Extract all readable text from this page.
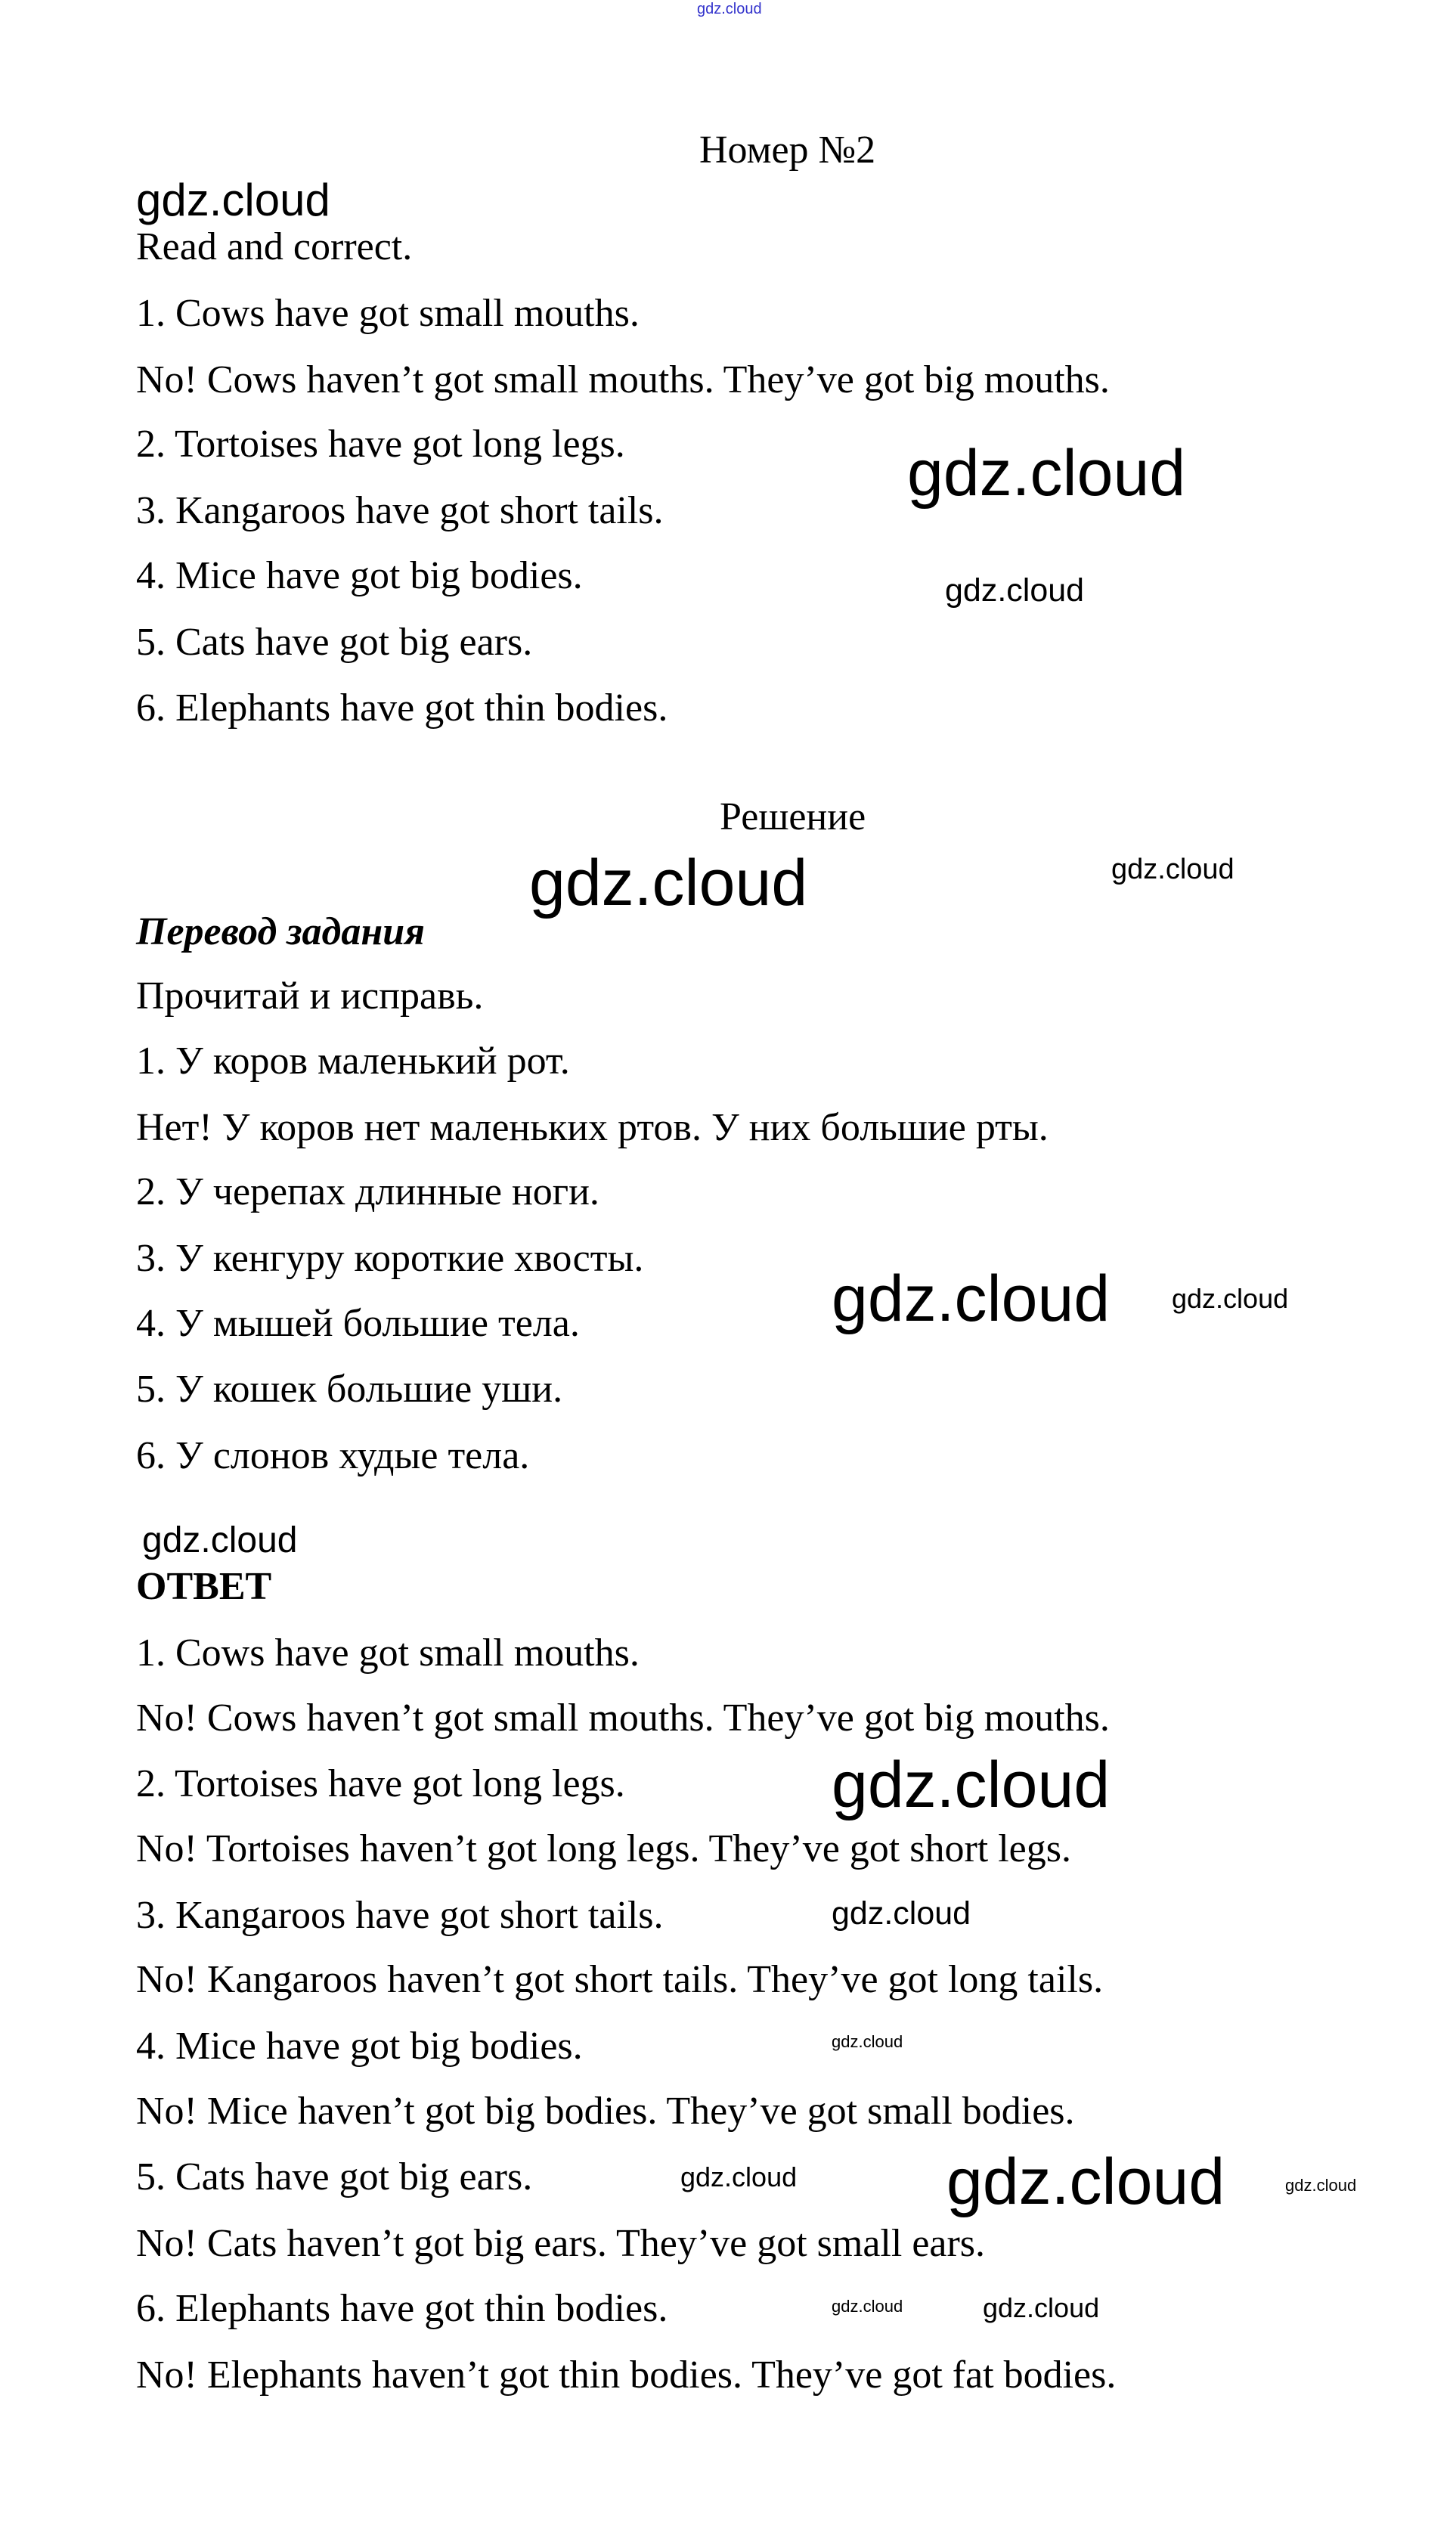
gdz.cloud
Номер №2
Read and correct.
1. Cows have got small mouths.
No! Cows haven’t got small mouths. They’ve got big mouths.
2. Tortoises have got long legs.
3. Kangaroos have got short tails.
4. Mice have got big bodies.
5. Cats have got big ears.
6. Elephants have got thin bodies.
Решение
Перевод задания
Прочитай и исправь.
1. У коров маленький рот.
Нет! У коров нет маленьких ртов. У них большие рты.
2. У черепах длинные ноги.
3. У кенгуру короткие хвосты.
4. У мышей большие тела.
5. У кошек большие уши.
6. У слонов худые тела.
ОТВЕТ
1. Cows have got small mouths.
No! Cows haven’t got small mouths. They’ve got big mouths.
2. Tortoises have got long legs.
No! Tortoises haven’t got long legs. They’ve got short legs.
3. Kangaroos have got short tails.
No! Kangaroos haven’t got short tails. They’ve got long tails.
4. Mice have got big bodies.
No! Mice haven’t got big bodies. They’ve got small bodies.
5. Cats have got big ears.
No! Cats haven’t got big ears. They’ve got small ears.
6. Elephants have got thin bodies.
No! Elephants haven’t got thin bodies. They’ve got fat bodies.
gdz.cloud
gdz.cloud
gdz.cloud
gdz.cloud	gdz.cloud
gdz.cloud gdz.cloud
gdz.cloud
gdz.cloud
gdz.cloud
gdz.cloud
gdz.cloud gdz.cloud	gdz.cloud
gdz.cloud	gdz.cloud
